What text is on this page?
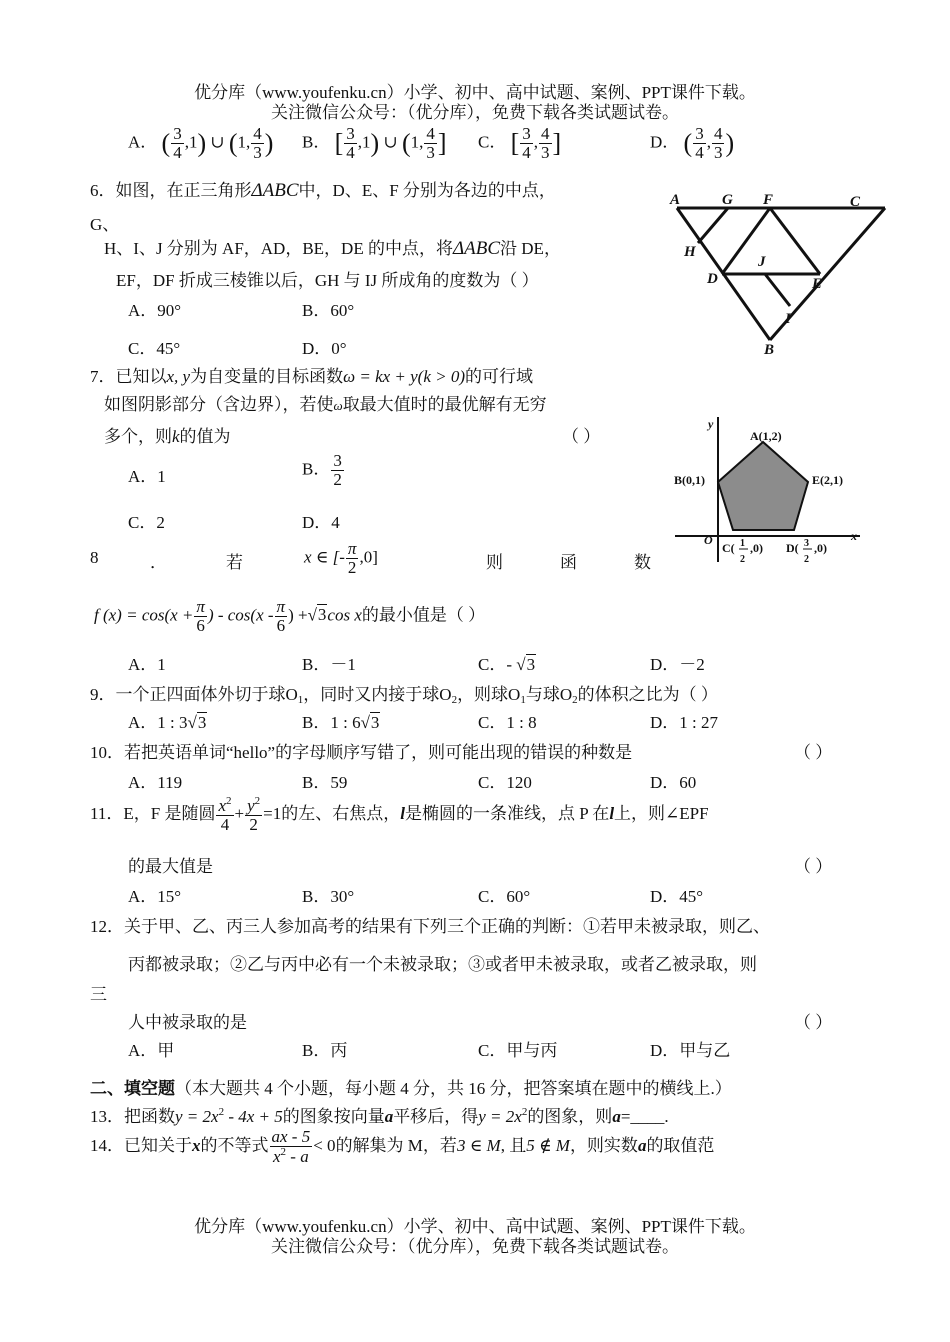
优分库（www.youfenku.cn）小学、初中、高中试题、案例、PPT课件下载。
关注微信公众号：（优分库），免费下载各类试题试卷。
A． ( $\frac{3}{4} ,1$) ∪ (1, $\frac{4}{3}$ ) B． [ $\frac{3}{4} ,1$) ∪ (1, $\frac{4}{3}$ ] C． [ $\frac{3}{4}$ , $\frac{4}{3}$ ]	D． ( $\frac{3}{4}$ , $\frac{4}{3}$ )
6．如图，在正三角形ΔABC中，D、E、F 分别为各边的中点，
G、
H、I、J 分别为 AF，AD，BE，DE 的中点，将ΔABC沿 DE，
EF，DF 折成三棱锥以后，GH 与 IJ 所成角的度数为（ ）
A．90°	B．60°
C．45°	D．0°
A	G F	C
H
J
D	E
I
B
7．已知以x, y为自变量的目标函数ω = kx + y(k > 0)的可行域
如图阴影部分（含边界），若使ω取最大值时的最优解有无穷
多个，则k的值为	（ ）
A．1	B． $\frac{3}{2}$
C．2	D．4
y
x
O
A(1,2)
B(0,1)	E(2,1)
C( 1
2
,0) D( 3
2
,0)
8	．	若	x ∈ [- $\frac{\pi}{2} ,0$]	则	函	数
f $(x) = \cos(x + \frac{\pi}{6}$ ) - $\cos(x - \frac{\pi}{6}$ ) +√3cos x的最小值是（ ）
A．1	B．－1	C．- √3	D．－2
9．一个正四面体外切于球$O_1$，同时又内接于球$O_2$，则球$O_1$与球$O_2$的体积之比为（ ）
A．1 : 3√3	B．1 : 6√3	C．1 : 8	D．1 : 27
10．若把英语单词“hello”的字母顺序写错了，则可能出现的错误的种数是	（ ）
A．119	B．59	C．120	D．60
11．E，F 是随圆 $\frac{x^2}{4} + \frac{y^2}{2} =1$的左、右焦点，l是椭圆的一条准线，点 P 在l上，则∠EPF
的最大值是	（ ）
A．15°	B．30°	C．60°	D．45°
12．关于甲、乙、丙三人参加高考的结果有下列三个正确的判断：①若甲未被录取，则乙、
丙都被录取；②乙与丙中必有一个未被录取；③或者甲未被录取，或者乙被录取，则
三
人中被录取的是	（ ）
A．甲	B．丙	C．甲与丙	D．甲与乙
二、填空题（本大题共 4 个小题，每小题 4 分，共 16 分，把答案填在题中的横线上.）
13．把函数$y = 2x^2 - 4x + 5$的图象按向量a平移后，得$y = 2x^2$的图象，则a=____.
14．已知关于x的不等式 $\frac{ax - 5}{x^2 - a} < 0$的解集为 M，若3 ∈ M, 且5 ∉ M，则实数a的取值范
优分库（www.youfenku.cn）小学、初中、高中试题、案例、PPT课件下载。
关注微信公众号：（优分库），免费下载各类试题试卷。
